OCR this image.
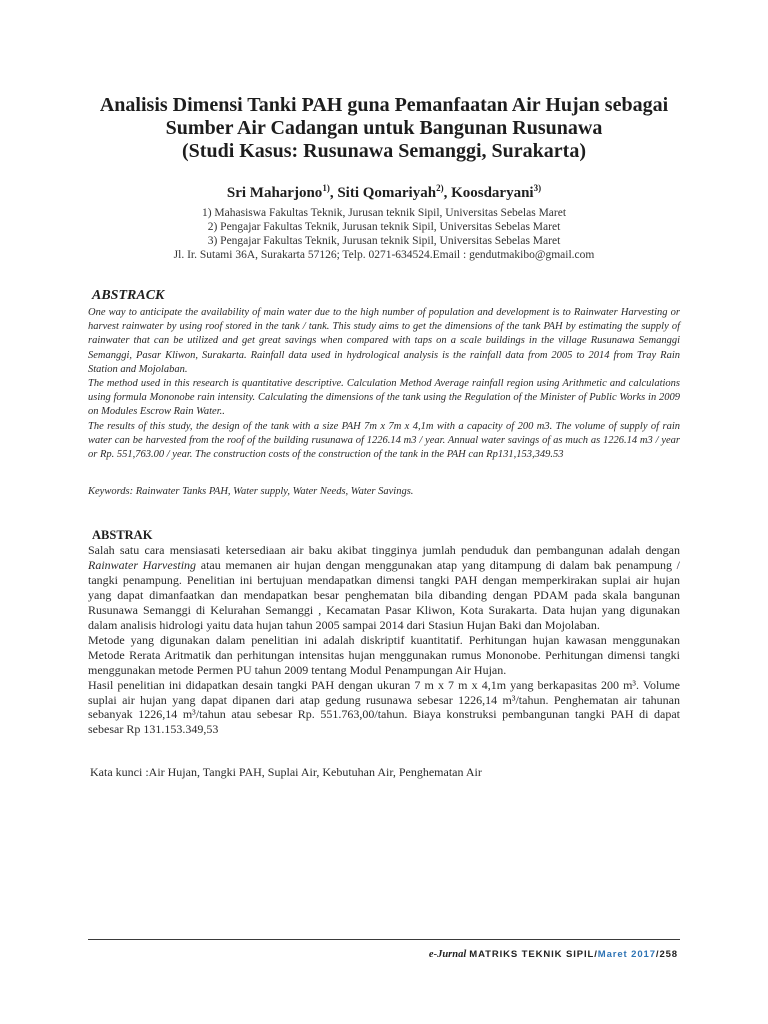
Analisis Dimensi Tanki PAH guna Pemanfaatan Air Hujan sebagai
Sumber Air Cadangan untuk Bangunan Rusunawa
(Studi Kasus: Rusunawa Semanggi, Surakarta)
Sri Maharjono$^{1)}$, Siti Qomariyah$^{2)}$, Koosdaryani$^{3)}$
1) Mahasiswa Fakultas Teknik, Jurusan teknik Sipil, Universitas Sebelas Maret
2) Pengajar Fakultas Teknik, Jurusan teknik Sipil, Universitas Sebelas Maret
3) Pengajar Fakultas Teknik, Jurusan teknik Sipil, Universitas Sebelas Maret
Jl. Ir. Sutami 36A, Surakarta 57126; Telp. 0271-634524.Email : gendutmakibo@gmail.com
ABSTRACK

One way to anticipate the availability of main water due to the high number of population and development is to Rainwater Harvesting or harvest rainwater by using roof stored in the tank / tank. This study aims to get the dimensions of the tank PAH by estimating the supply of rainwater that can be utilized and get great savings when compared with taps on a scale buildings in the village Rusunawa Semanggi Semanggi, Pasar Kliwon, Surakarta. Rainfall data used in hydrological analysis is the rainfall data from 2005 to 2014 from Tray Rain Station and Mojolaban.

The method used in this research is quantitative descriptive. Calculation Method Average rainfall region using Arithmetic and calculations using formula Mononobe rain intensity. Calculating the dimensions of the tank using the Regulation of the Minister of Public Works in 2009 on Modules Escrow Rain Water..

The results of this study, the design of the tank with a size PAH 7m x 7m x 4,1m with a capacity of 200 m3. The volume of supply of rain water can be harvested from the roof of the building rusunawa of 1226.14 m3 / year. Annual water savings of as much as 1226.14 m3 / year or Rp. 551,763.00 / year. The construction costs of the construction of the tank in the PAH can Rp131,153,349.53

Keywords: Rainwater Tanks PAH, Water supply, Water Needs, Water Savings.
ABSTRAK

Salah satu cara mensiasati ketersediaan air baku akibat tingginya jumlah penduduk dan pembangunan adalah dengan Rainwater Harvesting atau memanen air hujan dengan menggunakan atap yang ditampung di dalam bak penampung / tangki penampung. Penelitian ini bertujuan mendapatkan dimensi tangki PAH dengan memperkirakan suplai air hujan yang dapat dimanfaatkan dan mendapatkan besar penghematan bila dibanding dengan PDAM pada skala bangunan Rusunawa Semanggi di Kelurahan Semanggi , Kecamatan Pasar Kliwon, Kota Surakarta. Data hujan yang digunakan dalam analisis hidrologi yaitu data hujan tahun 2005 sampai 2014 dari Stasiun Hujan Baki dan Mojolaban.

Metode yang digunakan dalam penelitian ini adalah diskriptif kuantitatif. Perhitungan hujan kawasan menggunakan Metode Rerata Aritmatik dan perhitungan intensitas hujan menggunakan rumus Mononobe. Perhitungan dimensi tangki menggunakan metode Permen PU tahun 2009 tentang Modul Penampungan Air Hujan.

Hasil penelitian ini didapatkan desain tangki PAH dengan ukuran 7 m x 7 m x 4,1m yang berkapasitas 200 m³. Volume suplai air hujan yang dapat dipanen dari atap gedung rusunawa sebesar 1226,14 m³/tahun. Penghematan air tahunan sebanyak 1226,14 m³/tahun atau sebesar Rp. 551.763,00/tahun. Biaya konstruksi pembangunan tangki PAH di dapat sebesar Rp 131.153.349,53

Kata kunci :Air Hujan, Tangki PAH, Suplai Air, Kebutuhan Air, Penghematan Air
e-Jurnal MATRIKS TEKNIK SIPIL/Maret 2017/258
